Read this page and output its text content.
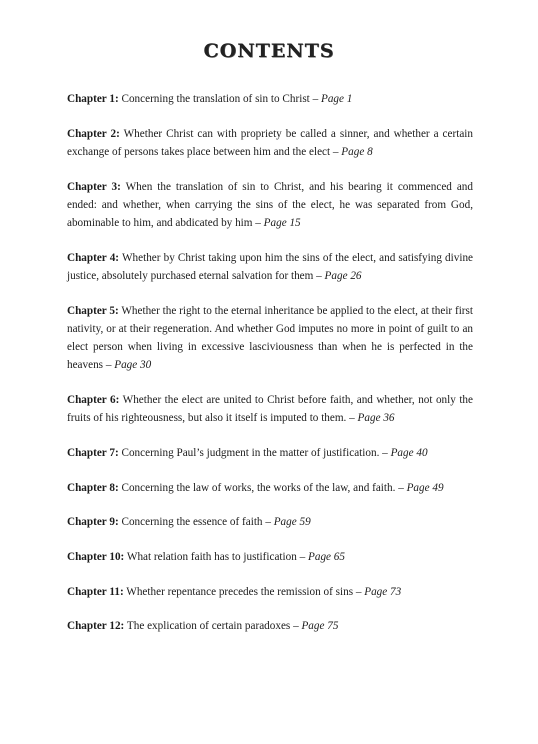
CONTENTS

Chapter 1: Concerning the translation of sin to Christ – Page 1

Chapter 2: Whether Christ can with propriety be called a sinner, and whether a certain exchange of persons takes place between him and the elect – Page 8

Chapter 3: When the translation of sin to Christ, and his bearing it commenced and ended: and whether, when carrying the sins of the elect, he was separated from God, abominable to him, and abdicated by him – Page 15

Chapter 4: Whether by Christ taking upon him the sins of the elect, and satisfying divine justice, absolutely purchased eternal salvation for them – Page 26

Chapter 5: Whether the right to the eternal inheritance be applied to the elect, at their first nativity, or at their regeneration. And whether God imputes no more in point of guilt to an elect person when living in excessive lasciviousness than when he is perfected in the heavens – Page 30

Chapter 6: Whether the elect are united to Christ before faith, and whether, not only the fruits of his righteousness, but also it itself is imputed to them. – Page 36

Chapter 7: Concerning Paul’s judgment in the matter of justification. – Page 40

Chapter 8: Concerning the law of works, the works of the law, and faith. – Page 49

Chapter 9: Concerning the essence of faith – Page 59

Chapter 10: What relation faith has to justification – Page 65

Chapter 11: Whether repentance precedes the remission of sins – Page 73

Chapter 12: The explication of certain paradoxes – Page 75
